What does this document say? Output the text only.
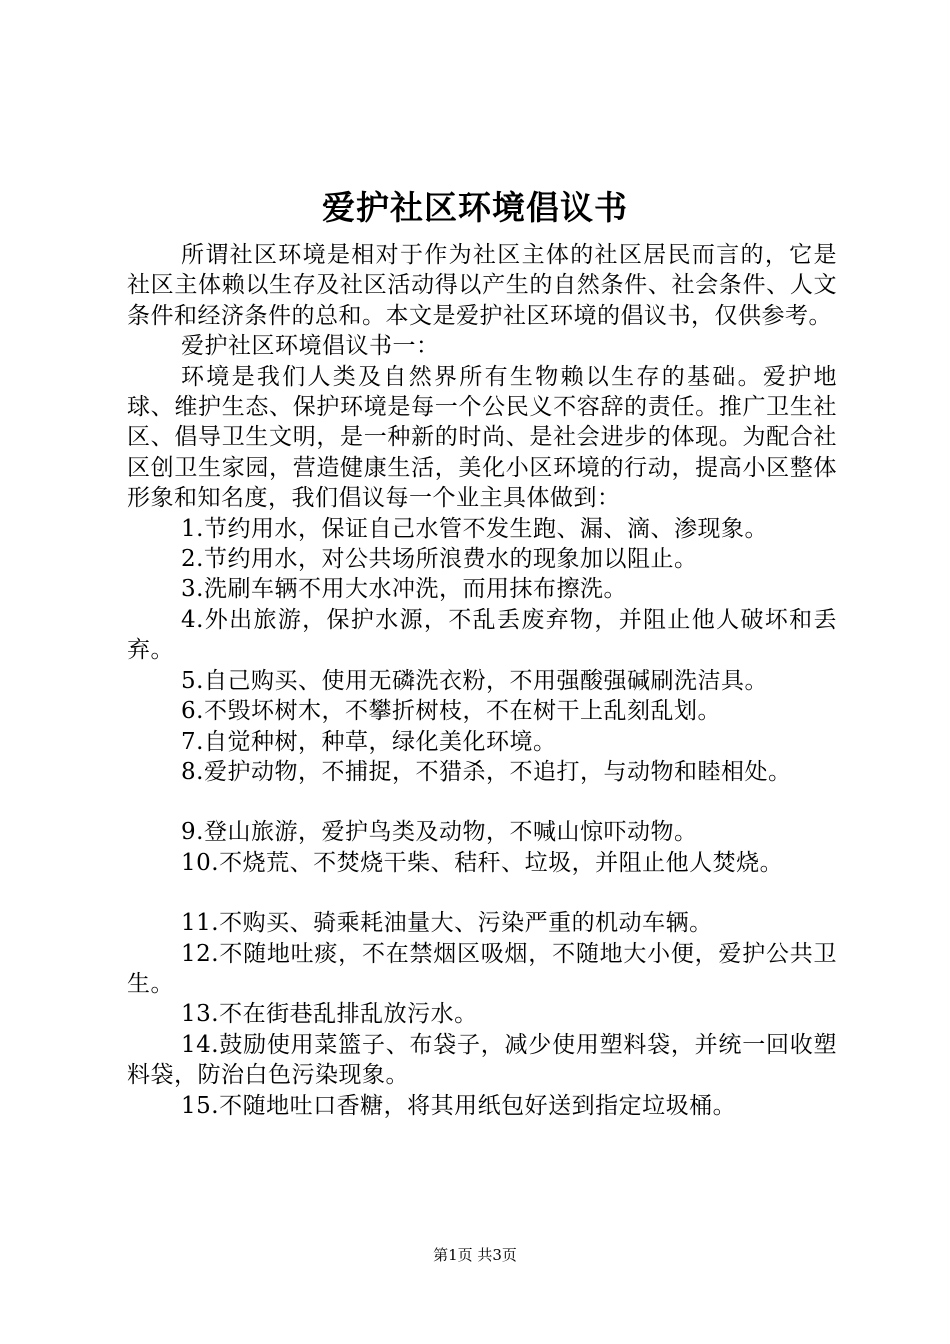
爱护社区环境倡议书

所谓社区环境是相对于作为社区主体的社区居民而言的，它是社区主体赖以生存及社区活动得以产生的自然条件、社会条件、人文条件和经济条件的总和。本文是爱护社区环境的倡议书，仅供参考。

爱护社区环境倡议书一：

环境是我们人类及自然界所有生物赖以生存的基础。爱护地球、维护生态、保护环境是每一个公民义不容辞的责任。推广卫生社区、倡导卫生文明，是一种新的时尚、是社会进步的体现。为配合社区创卫生家园，营造健康生活，美化小区环境的行动，提高小区整体形象和知名度，我们倡议每一个业主具体做到：

1.节约用水，保证自己水管不发生跑、漏、滴、渗现象。

2.节约用水，对公共场所浪费水的现象加以阻止。

3.洗刷车辆不用大水冲洗，而用抹布擦洗。

4.外出旅游，保护水源，不乱丢废弃物，并阻止他人破坏和丢弃。

5.自己购买、使用无磷洗衣粉，不用强酸强碱刷洗洁具。

6.不毁坏树木，不攀折树枝，不在树干上乱刻乱划。

7.自觉种树，种草，绿化美化环境。

8.爱护动物，不捕捉，不猎杀，不追打，与动物和睦相处。

9.登山旅游，爱护鸟类及动物，不喊山惊吓动物。

10.不烧荒、不焚烧干柴、秸秆、垃圾，并阻止他人焚烧。

11.不购买、骑乘耗油量大、污染严重的机动车辆。

12.不随地吐痰，不在禁烟区吸烟，不随地大小便，爱护公共卫生。

13.不在街巷乱排乱放污水。

14.鼓励使用菜篮子、布袋子，减少使用塑料袋，并统一回收塑料袋，防治白色污染现象。

15.不随地吐口香糖，将其用纸包好送到指定垃圾桶。

第1页 共3页
